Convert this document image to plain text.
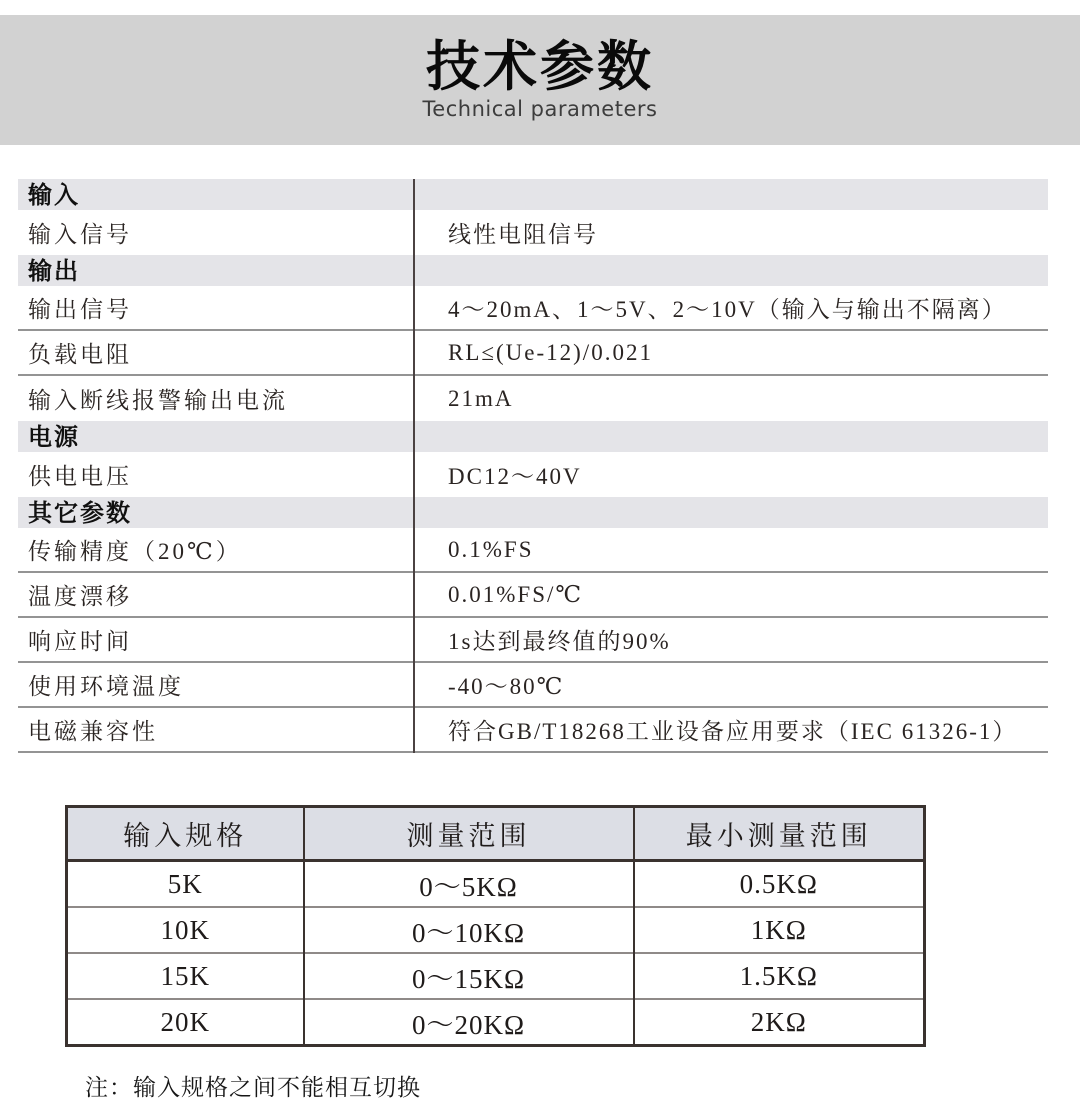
技术参数
Technical parameters
输入
输入信号	线性电阻信号
输出
输出信号	4～20mA、1～5V、2～10V（输入与输出不隔离）
负载电阻	RL≤(Ue-12)/0.021
输入断线报警输出电流	21mA
电源
供电电压	DC12～40V
其它参数
传输精度（20℃）	0.1%FS
温度漂移	0.01%FS/℃
响应时间	1s达到最终值的90%
使用环境温度	-40～80℃
电磁兼容性	符合GB/T18268工业设备应用要求（IEC 61326-1）
输入规格	测量范围	最小测量范围
5K	0～5KΩ	0.5KΩ
10K	0～10KΩ	1KΩ
15K	0～15KΩ	1.5KΩ
20K	0～20KΩ	2KΩ
注：输入规格之间不能相互切换
